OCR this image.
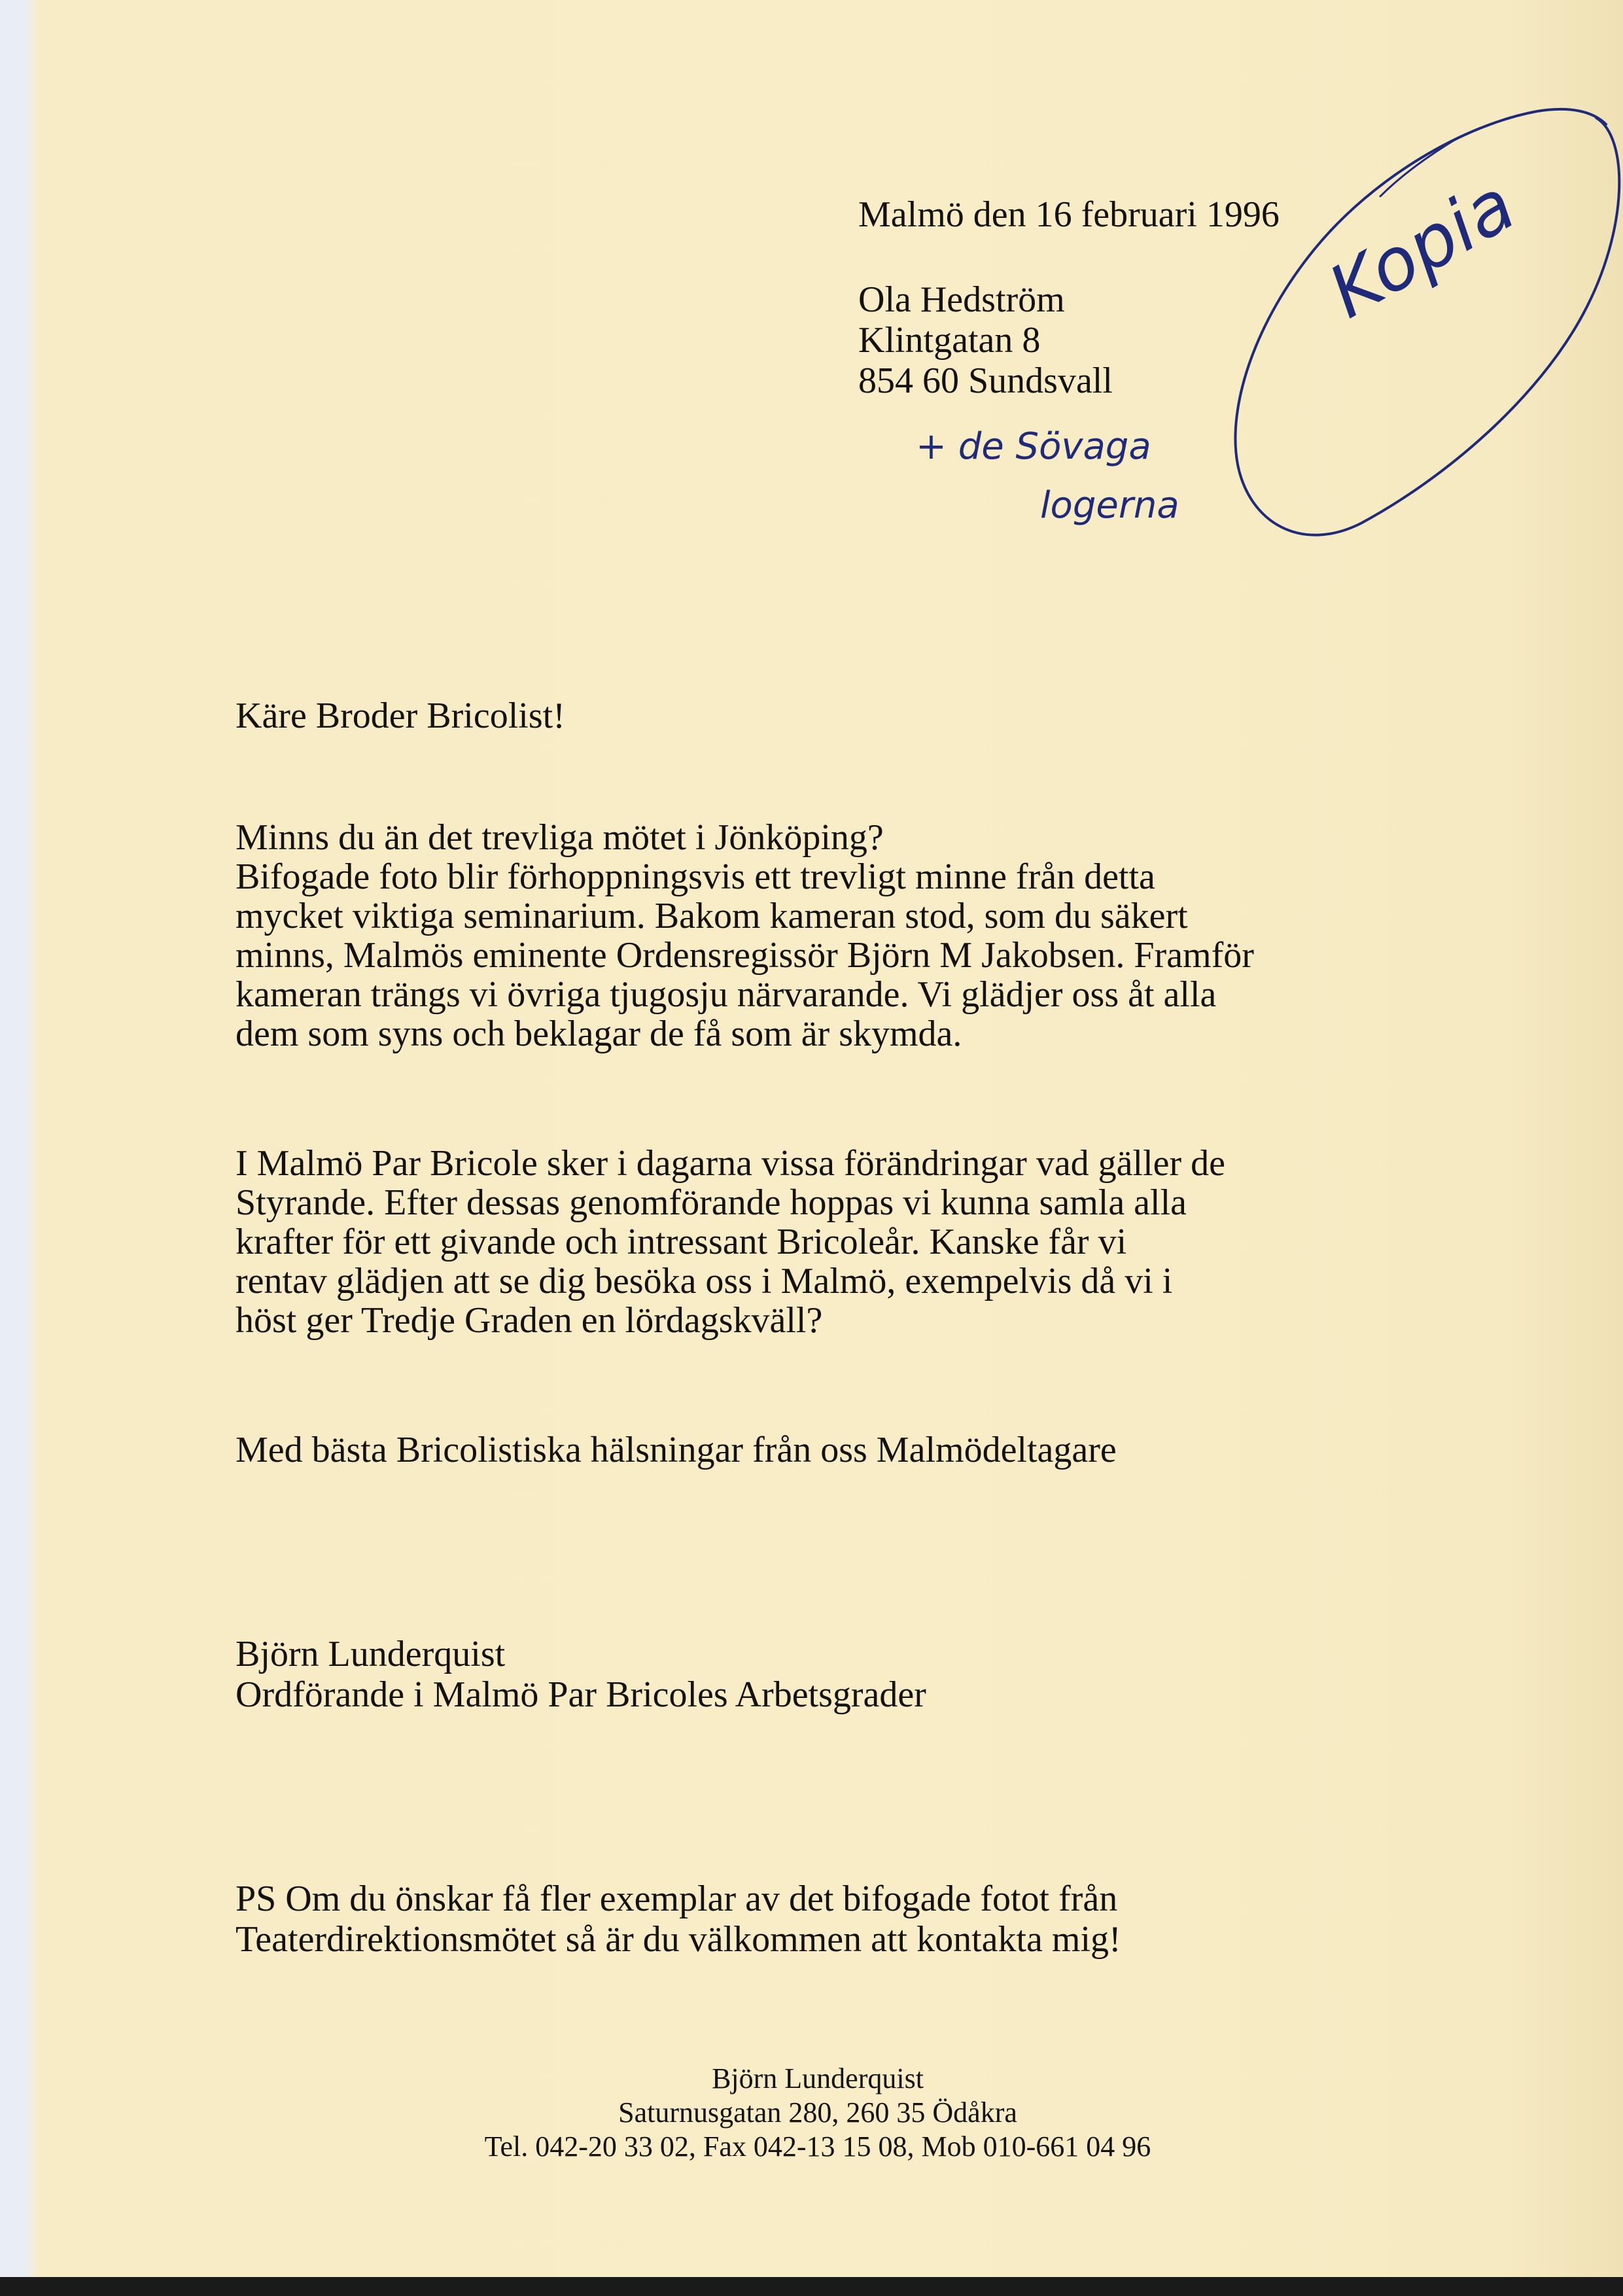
Malmö den 16 februari 1996
Ola Hedström
Klintgatan 8
854 60 Sundsvall
Kopia
+ de Sövaga
logerna
Käre Broder Bricolist!
Minns du än det trevliga mötet i Jönköping?
Bifogade foto blir förhoppningsvis ett trevligt minne från detta
mycket viktiga seminarium. Bakom kameran stod, som du säkert
minns, Malmös eminente Ordensregissör Björn M Jakobsen. Framför
kameran trängs vi övriga tjugosju närvarande. Vi glädjer oss åt alla
dem som syns och beklagar de få som är skymda.
I Malmö Par Bricole sker i dagarna vissa förändringar vad gäller de
Styrande. Efter dessas genomförande hoppas vi kunna samla alla
krafter för ett givande och intressant Bricoleår. Kanske får vi
rentav glädjen att se dig besöka oss i Malmö, exempelvis då vi i
höst ger Tredje Graden en lördagskväll?
Med bästa Bricolistiska hälsningar från oss Malmödeltagare
Björn Lunderquist
Ordförande i Malmö Par Bricoles Arbetsgrader
PS Om du önskar få fler exemplar av det bifogade fotot från
Teaterdirektionsmötet så är du välkommen att kontakta mig!
Björn Lunderquist
Saturnusgatan 280, 260 35 Ödåkra
Tel. 042-20 33 02, Fax 042-13 15 08, Mob 010-661 04 96
